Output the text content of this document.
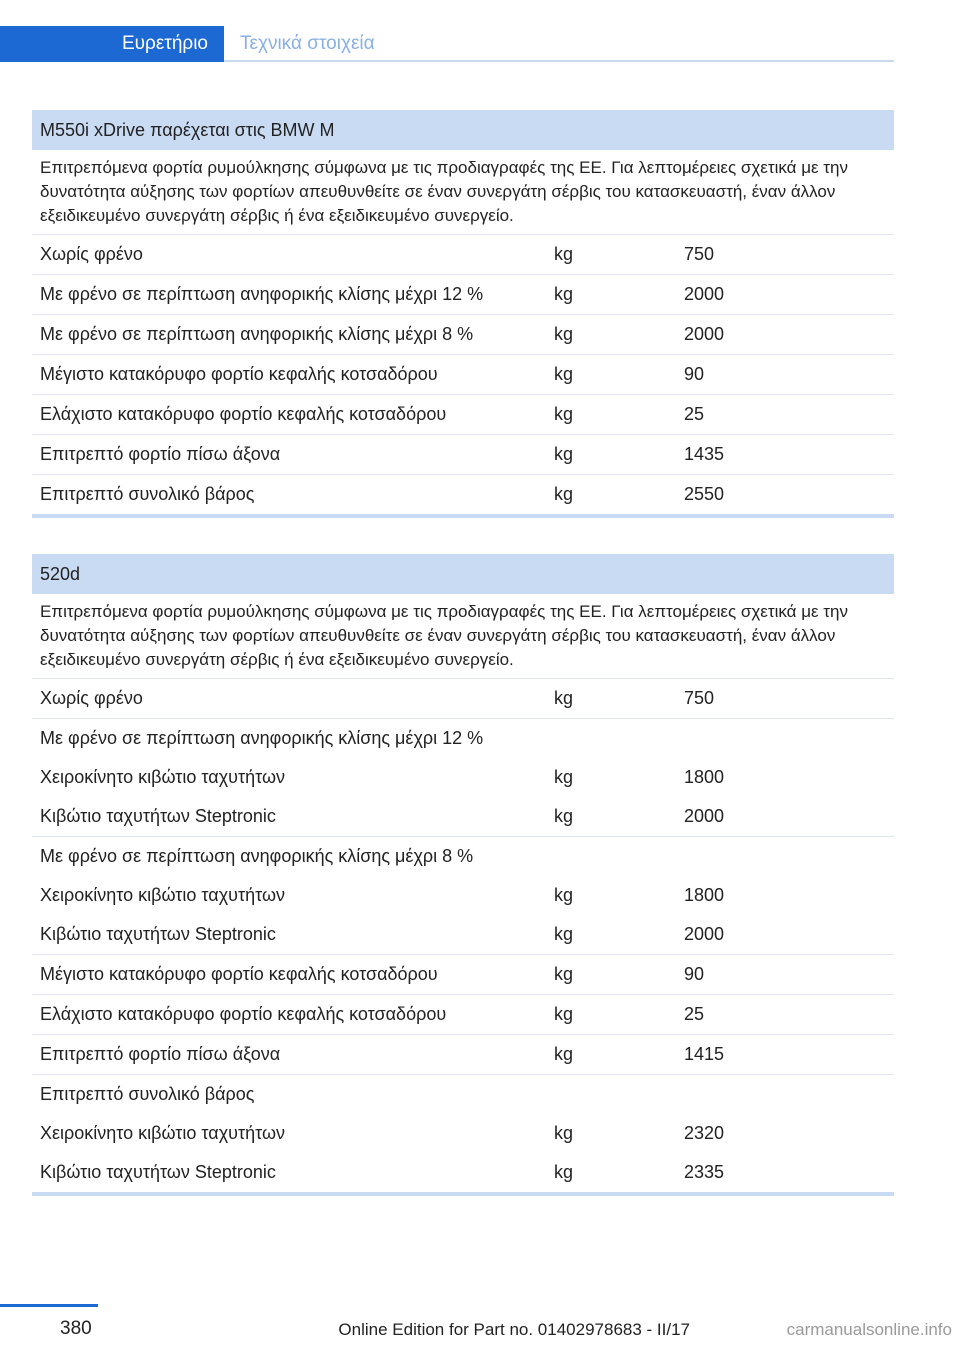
Ευρετήριο	Τεχνικά στοιχεία
M550i xDrive παρέχεται στις BMW M
Επιτρεπόμενα φορτία ρυμούλκησης σύμφωνα με τις προδιαγραφές της ΕΕ. Για λεπτομέρειες σχετικά με την δυνατότητα αύξησης των φορτίων απευθυνθείτε σε έναν συνεργάτη σέρβις του κατασκευαστή, έναν άλλον εξειδικευμένο συνεργάτη σέρβις ή ένα εξειδικευμένο συνεργείο.
Χωρίς φρένο	kg	750
Με φρένο σε περίπτωση ανηφορικής κλίσης μέχρι 12 %	kg	2000
Με φρένο σε περίπτωση ανηφορικής κλίσης μέχρι 8 %	kg	2000
Μέγιστο κατακόρυφο φορτίο κεφαλής κοτσαδόρου	kg	90
Ελάχιστο κατακόρυφο φορτίο κεφαλής κοτσαδόρου	kg	25
Επιτρεπτό φορτίο πίσω άξονα	kg	1435
Επιτρεπτό συνολικό βάρος	kg	2550
520d
Επιτρεπόμενα φορτία ρυμούλκησης σύμφωνα με τις προδιαγραφές της ΕΕ. Για λεπτομέρειες σχετικά με την δυνατότητα αύξησης των φορτίων απευθυνθείτε σε έναν συνεργάτη σέρβις του κατασκευαστή, έναν άλλον εξειδικευμένο συνεργάτη σέρβις ή ένα εξειδικευμένο συνεργείο.
Χωρίς φρένο	kg	750
Με φρένο σε περίπτωση ανηφορικής κλίσης μέχρι 12 %
Χειροκίνητο κιβώτιο ταχυτήτων	kg	1800
Κιβώτιο ταχυτήτων Steptronic	kg	2000
Με φρένο σε περίπτωση ανηφορικής κλίσης μέχρι 8 %
Χειροκίνητο κιβώτιο ταχυτήτων	kg	1800
Κιβώτιο ταχυτήτων Steptronic	kg	2000
Μέγιστο κατακόρυφο φορτίο κεφαλής κοτσαδόρου	kg	90
Ελάχιστο κατακόρυφο φορτίο κεφαλής κοτσαδόρου	kg	25
Επιτρεπτό φορτίο πίσω άξονα	kg	1415
Επιτρεπτό συνολικό βάρος
Χειροκίνητο κιβώτιο ταχυτήτων	kg	2320
Κιβώτιο ταχυτήτων Steptronic	kg	2335
380	Online Edition for Part no. 01402978683 - II/17	carmanualsonline.info
